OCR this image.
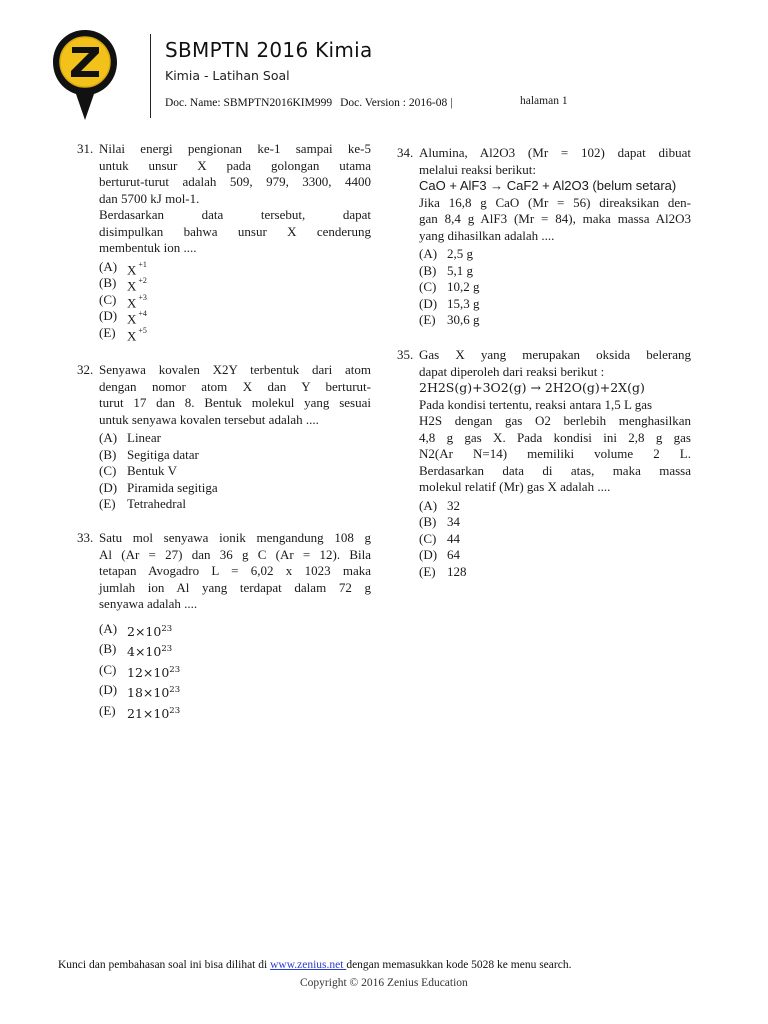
SBMPTN 2016 Kimia
Kimia - Latihan Soal
Doc. Name: SBMPTN2016KIM999 Doc. Version : 2016-08 |	halaman 1
31. Nilai energi pengionan ke-1 sampai ke-5
untuk unsur X pada golongan utama
berturut-turut adalah 509, 979, 3300, 4400
dan 5700 kJ mol-1.
Berdasarkan data tersebut, dapat
disimpulkan bahwa unsur X cenderung
membentuk ion ....
(A) X $^{+1}$
(B) X $^{+2}$
(C) X $^{+3}$
(D) X $^{+4}$
(E) X $^{+5}$
32. Senyawa kovalen X2Y terbentuk dari atom
dengan nomor atom X dan Y berturut-
turut 17 dan 8. Bentuk molekul yang sesuai
untuk senyawa kovalen tersebut adalah ....
(A) Linear
(B) Segitiga datar
(C) Bentuk V
(D) Piramida segitiga
(E) Tetrahedral
33. Satu mol senyawa ionik mengandung 108 g
Al (Ar = 27) dan 36 g C (Ar = 12). Bila
tetapan Avogadro L = 6,02 x 1023 maka
jumlah ion Al yang terdapat dalam 72 g
senyawa adalah ....
(A) $2\times 10^{23}$
(B) $4\times 10^{23}$
(C) $12\times 10^{23}$
(D) $18\times 10^{23}$
(E) $21\times 10^{23}$
34. Alumina, Al2O3 (Mr = 102) dapat dibuat
melalui reaksi berikut:
CaO + AlF3 → CaF2 + Al2O3 (belum setara)
Jika 16,8 g CaO (Mr = 56) direaksikan den-
gan 8,4 g AlF3 (Mr = 84), maka massa Al2O3
yang dihasilkan adalah ....
(A) 2,5 g
(B) 5,1 g
(C) 10,2 g
(D) 15,3 g
(E) 30,6 g
35. Gas X yang merupakan oksida belerang
dapat diperoleh dari reaksi berikut :
2H2S(g)+3O2(g) → 2H2O(g)+2X(g)
Pada kondisi tertentu, reaksi antara 1,5 L gas
H2S dengan gas O2 berlebih menghasilkan
4,8 g gas X. Pada kondisi ini 2,8 g gas
N2(Ar N=14) memiliki volume 2 L.
Berdasarkan data di atas, maka massa
molekul relatif (Mr) gas X adalah ....
(A) 32
(B) 34
(C) 44
(D) 64
(E) 128
Kunci dan pembahasan soal ini bisa dilihat di www.zenius.net dengan memasukkan kode 5028 ke menu search.
Copyright © 2016 Zenius Education
